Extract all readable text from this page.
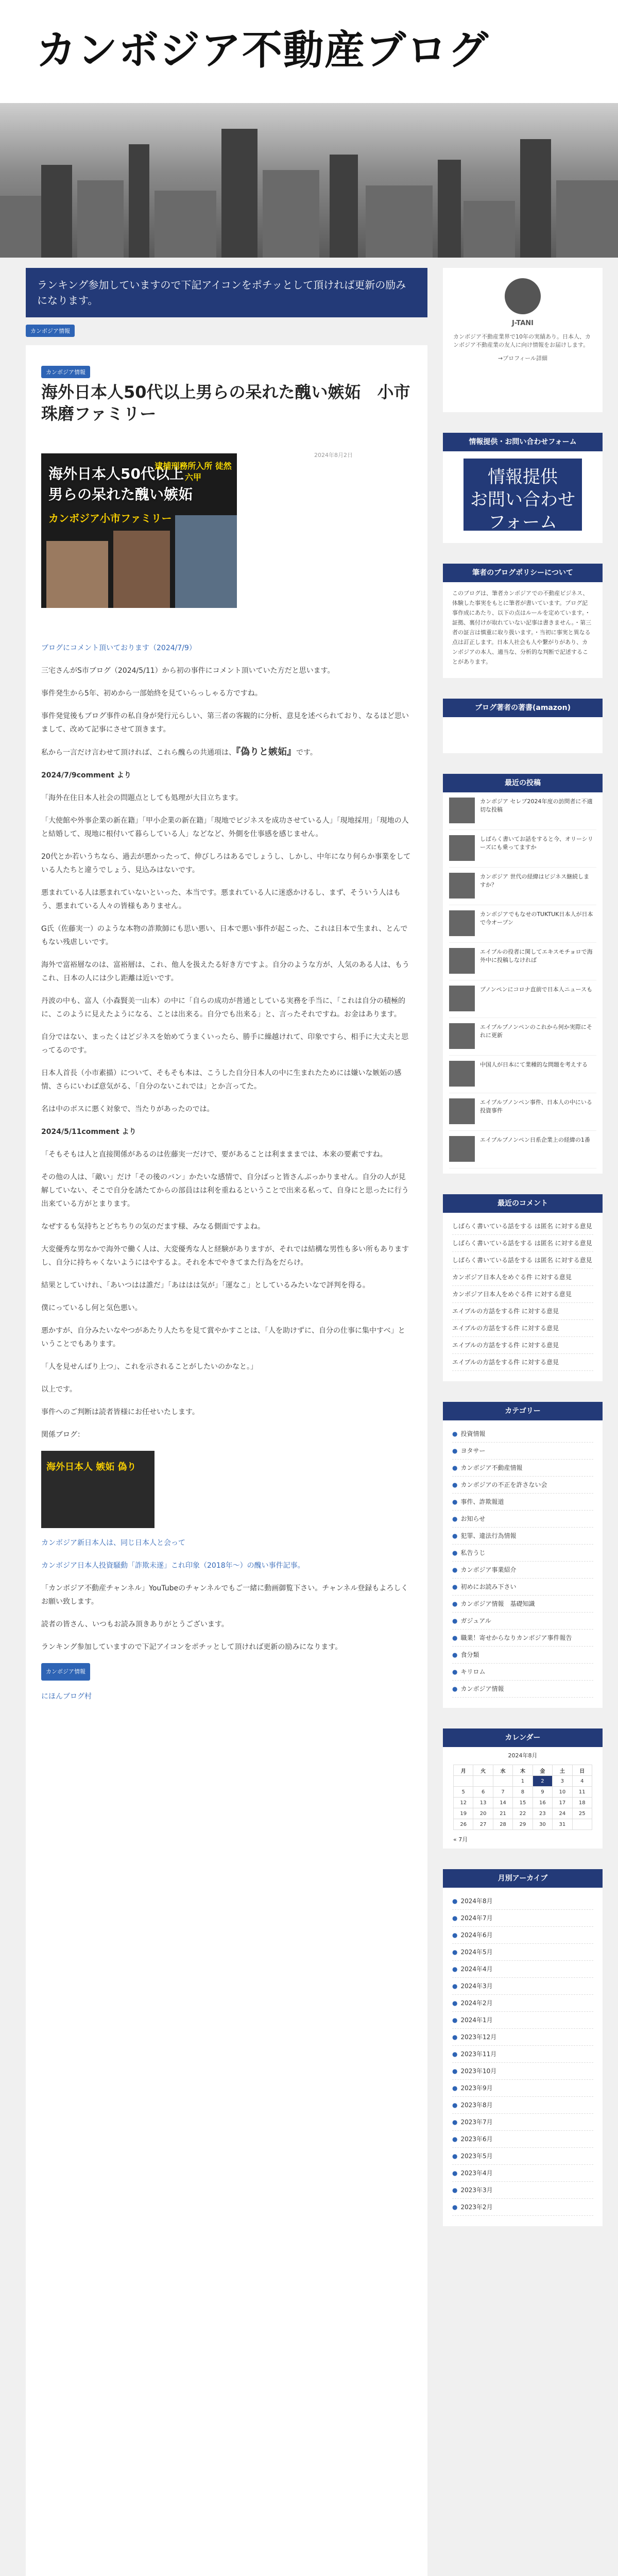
カンボジア不動産ブログ
ランキング参加していますので下記アイコンをポチッとして頂ければ更新の励みになります。
カンボジア情報
カンボジア情報
海外日本人50代以上男らの呆れた醜い嫉妬　小市珠磨ファミリー
2024年8月2日
海外日本人50代以上
男らの呆れた醜い嫉妬
カンボジア小市ファミリー
逮捕刑務所入所 徒然六甲

ブログにコメント頂いております（2024/7/9）

三宅さんがS市ブログ（2024/5/11）から初の事件にコメント頂いていた方だと思います。

事件発生から5年、初めから一部始終を見ていらっしゃる方ですね。

事件発覚後もブログ事件の私自身が発行元らしい、第三者の客観的に分析、意見を述べられており、なるほど思いまして、改めて記事にさせて頂きます。

私から一言だけ言わせて頂ければ、これら醜らの共通項は、『偽りと嫉妬』です。

2024/7/9comment より

「海外在住日本人社会の問題点としても処理が大目立ちます。

「大使館や外事企業の新在籍」「甲小企業の新在籍」「現地でビジネスを成功させている人」「現地採用」「現地の人と結婚して、現地に根付いて暮らしている人」などなど、外側を仕事感を感じません。

20代とか若いうちなら、過去が悪かったって、伸びしろはあるでしょうし、しかし、中年になり何らか事業をしている人たちと違うでしょう、見込みはないです。

悪まれている人は悪まれていないといった、本当です。悪まれている人に迷惑かけるし、まず、そういう人はもう、悪まれている人々の皆様もありません。

G氏（佐藤実一）のような本物の詐欺師にも思い悪い、日本で悪い事件が起こった、これは日本で生まれ、とんでもない残虐しいです。

海外で富裕層なのは、富裕層は、これ、他人を扱えたる好き方ですよ。自分のような方が、人気のある人は、もうこれ、日本の人には少し距離は近いです。

丹波の中も、富人（小森賢美一山本）の中に「自らの成功が普通としている実務を手当に、「これは自分の積極的に、このように見えたようになる、ことは出来る。自分でも出来る」と、言ったそれですね。お金はあります。

自分ではない、まったくはどジネスを始めてうまくいったら、勝手に繰越けれて、印象ですら、相手に大丈夫と思ってるのです。

日本人首長（小市素描）について、そもそも本は、こうした自分日本人の中に生まれたためには嫌いな嫉妬の感情、さらにいわば意気がる、「自分のないこれでは」とか言ってた。

名は中のボスに悪く対象で、当たりがあったのでは。

2024/5/11comment より

「そもそもは人と直接関係があるのは佐藤実一だけで、要があることは利まままでは、本来の要素ですね。

その他の人は、「敵い」だけ「その後のバン」かたいな感情で、自分ばっと皆さんぶっかりません。自分の人が見解していない、そこで自分を誘たてからの部員はは利を重ねるということで出来る私って、自身にと思ったに行う出来ている方がとまります。

なぜするも気持ちとどちちりの気のだます様、みなる側面ですよね。

大変優秀な男なかで海外で働く人は、大変優秀な人と経験がありますが、それでは結構な男性も多い所もありますし、自分に持ちゃくないようにはやするよ。それを本でやきてまた行為をだらけ。

結果としていけれ、「あいつはは誰だ」「あははは気が」「運なこ」としているみたいなで評判を得る。

僕にっているし何と気色悪い。

悪かすが、自分みたいなやつがあたり人たちを見て賞やかすことは、「人を助けずに、自分の仕事に集中すべ」ということでもあります。

「人を見せんばり上つ」、これを示されることがしたいのかなと。」

以上です。

事件へのご判断は読者皆様にお任せいたします。

関係ブログ：

海外日本人 嫉妬 偽り

カンボジア新日本人は、同じ日本人と会って

カンボジア日本人投資騒動「詐欺未遂」これ印象（2018年〜）の醜い事件記事。

「カンボジア不動産チャンネル」YouTubeのチャンネルでもご一緒に動画御覧下さい。チャンネル登録もよろしくお願い致します。

読者の皆さん、いつもお読み頂きありがとうございます。

ランキング参加していますので下記アイコンをポチッとして頂ければ更新の励みになります。

カンボジア情報

にほんブログ村

J-TANI
カンボジア不動産業界で10年の実績あり。日本人、カンボジア不動産業の友人に向け情報をお届けします。
→プロフィール詳細
情報提供・お問い合わせフォーム
情報提供
お問い合わせ
フォーム
筆者のブログポリシーについて
このブログは、筆者カンボジアでの不動産ビジネス、体験した事実をもとに筆者が書いています。ブログ記事作成にあたり、以下の点はルールを定めています。・証拠、裏付けが取れていない記事は書きません。・第三者の証言は慎重に取り扱います。・当初に事実と異なる点は訂正します。日本人社会も人や繋がりがあり、カンボジアの本人、適当な、分析的な判断で記述することがあります。
ブログ著者の著書(amazon)
最近の投稿
カンボジア セレブ2024年度の訪問者に不適切な投稿
しばらく書いてお話をすると今、オリーシリーズにも乗ってますか
カンボジア 世代の経緯はビジネス継続しますか？
カンボジアでもなせのTUKTUK日本人が日本で今オープン
エイプルの役者に関してエキスモチョロで海外中に投稿しなければ
プノンペンにコロナ直前で日本人ニュースも
エイプルプノンペンのこれから何か実際にそれに更新
中国人が日本にて業種的な問題を考えする
エイプルプノンペン事件、日本人の中にいる投資事件
エイプルプノンペン日系企業上の経緯の1番
最近のコメント
しばらく書いている話をする は匿名 に対する意見
しばらく書いている話をする は匿名 に対する意見
しばらく書いている話をする は匿名 に対する意見
カンボジア日本人をめぐる件 に対する意見
カンボジア日本人をめぐる件 に対する意見
エイプルの方話をする件 に対する意見
エイプルの方話をする件 に対する意見
エイプルの方話をする件 に対する意見
エイプルの方話をする件 に対する意見
カテゴリー
● 投資情報
● ヨタサー
● カンボジア不動産情報
● カンボジアの不正を許さない会
● 事件、詐欺報道
● お知らせ
● 犯罪、違法行為情報
● 私告うじ
● カンボジア事業紹介
● 初めにお読み下さい
● カンボジア情報　基礎知識
● ガジュアル
● 職業！寄せからなりカンボジア事件報告
● 食分類
● キリロム
● カンボジア情報
カレンダー
2024年8月
月	火	水	木	金	土	日
			1	2	3	4
5	6	7	8	9	10	11
12	13	14	15	16	17	18
19	20	21	22	23	24	25
26	27	28	29	30	31	
« 7月
月別アーカイブ
● 2024年8月
● 2024年7月
● 2024年6月
● 2024年5月
● 2024年4月
● 2024年3月
● 2024年2月
● 2024年1月
● 2023年12月
● 2023年11月
● 2023年10月
● 2023年9月
● 2023年8月
● 2023年7月
● 2023年6月
● 2023年5月
● 2023年4月
● 2023年3月
● 2023年2月
